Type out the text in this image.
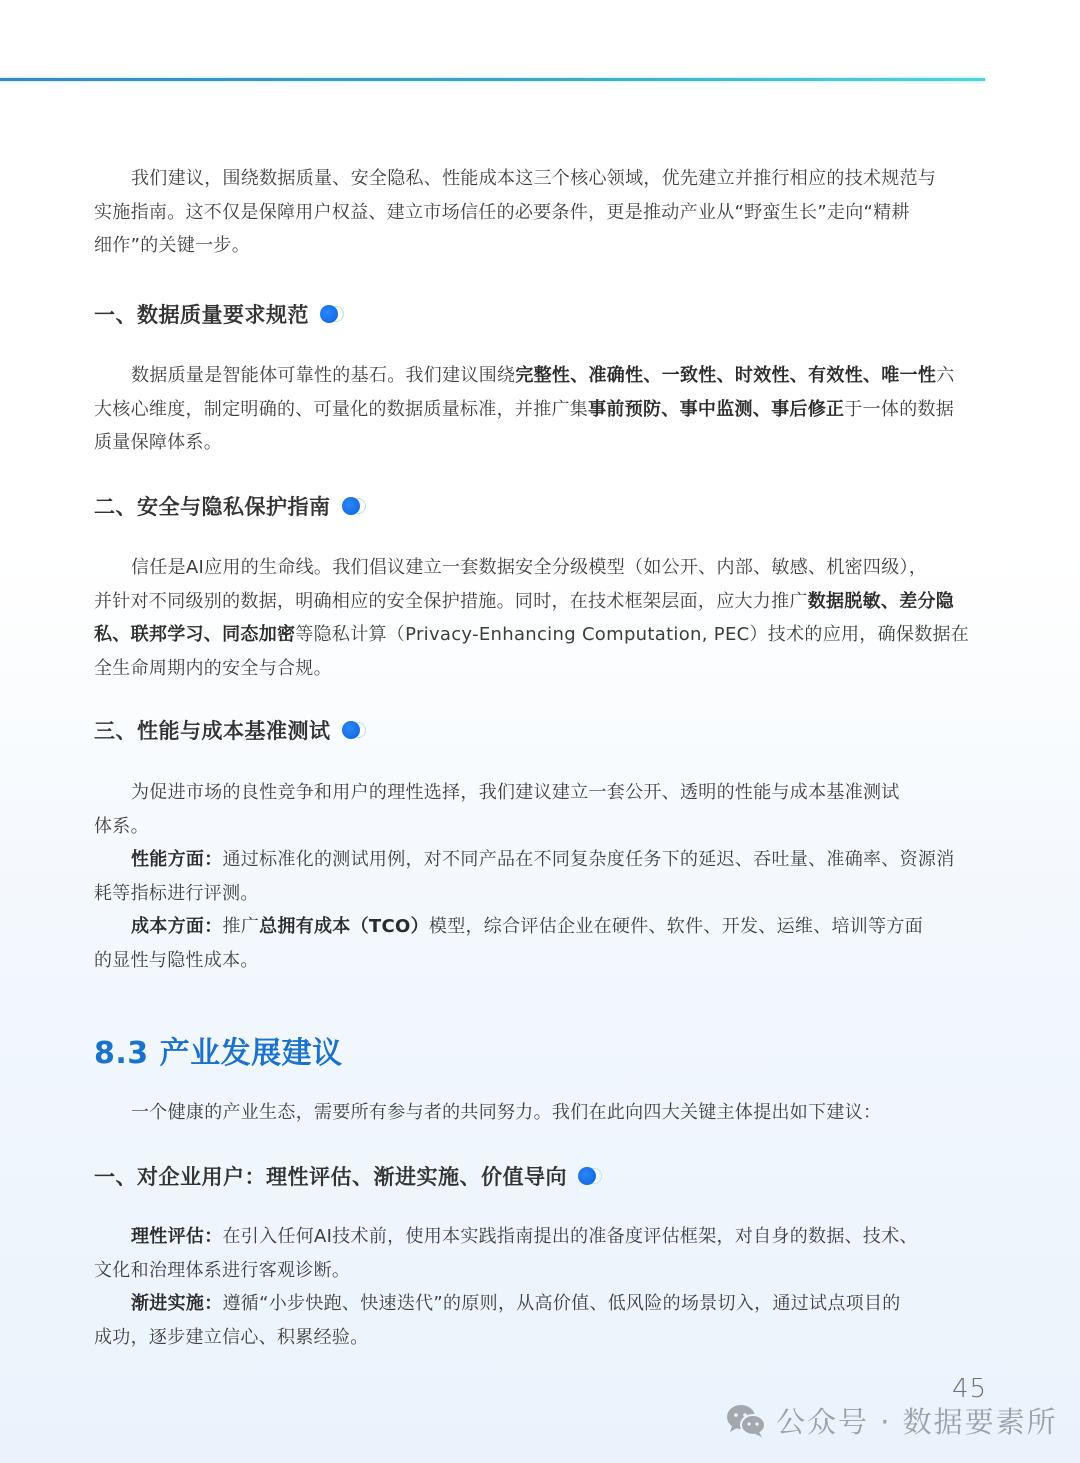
我们建议，围绕数据质量、安全隐私、性能成本这三个核心领域，优先建立并推行相应的技术规范与
实施指南。这不仅是保障用户权益、建立市场信任的必要条件，更是推动产业从“野蛮生长”走向“精耕
细作”的关键一步。
一、数据质量要求规范
数据质量是智能体可靠性的基石。我们建议围绕完整性、准确性、一致性、时效性、有效性、唯一性六
大核心维度，制定明确的、可量化的数据质量标准，并推广集事前预防、事中监测、事后修正于一体的数据
质量保障体系。
二、安全与隐私保护指南
信任是AI应用的生命线。我们倡议建立一套数据安全分级模型（如公开、内部、敏感、机密四级），
并针对不同级别的数据，明确相应的安全保护措施。同时，在技术框架层面，应大力推广数据脱敏、差分隐
私、联邦学习、同态加密等隐私计算（Privacy-Enhancing Computation, PEC）技术的应用，确保数据在
全生命周期内的安全与合规。
三、性能与成本基准测试
为促进市场的良性竞争和用户的理性选择，我们建议建立一套公开、透明的性能与成本基准测试
体系。
性能方面：通过标准化的测试用例，对不同产品在不同复杂度任务下的延迟、吞吐量、准确率、资源消
耗等指标进行评测。
成本方面：推广总拥有成本（TCO）模型，综合评估企业在硬件、软件、开发、运维、培训等方面
的显性与隐性成本。
8.3 产业发展建议
一个健康的产业生态，需要所有参与者的共同努力。我们在此向四大关键主体提出如下建议：
一、对企业用户：理性评估、渐进实施、价值导向
理性评估：在引入任何AI技术前，使用本实践指南提出的准备度评估框架，对自身的数据、技术、
文化和治理体系进行客观诊断。
渐进实施：遵循“小步快跑、快速迭代”的原则，从高价值、低风险的场景切入，通过试点项目的
成功，逐步建立信心、积累经验。
45
公众号 · 数据要素所
